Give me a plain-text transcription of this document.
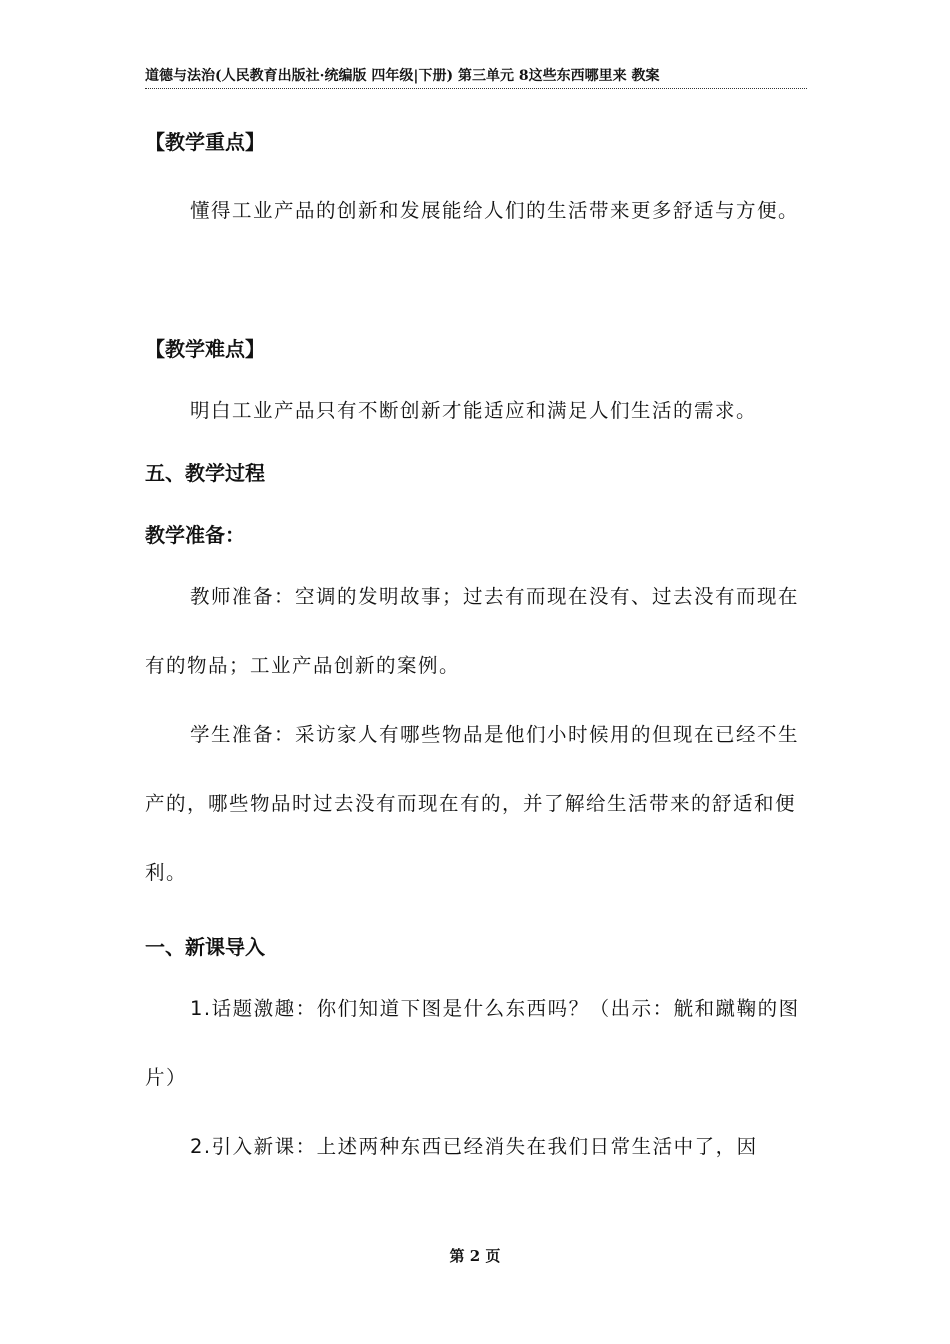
道德与法治(人民教育出版社·统编版 四年级|下册) 第三单元 8这些东西哪里来 教案
【教学重点】
懂得工业产品的创新和发展能给人们的生活带来更多舒适与方便。
【教学难点】
明白工业产品只有不断创新才能适应和满足人们生活的需求。
五、教学过程
教学准备：
教师准备：空调的发明故事；过去有而现在没有、过去没有而现在有的物品；工业产品创新的案例。
学生准备：采访家人有哪些物品是他们小时候用的但现在已经不生产的，哪些物品时过去没有而现在有的，并了解给生活带来的舒适和便利。
一、新课导入
1.话题激趣：你们知道下图是什么东西吗？（出示：觥和蹴鞠的图片）
2.引入新课：上述两种东西已经消失在我们日常生活中了，因
第 2 页
